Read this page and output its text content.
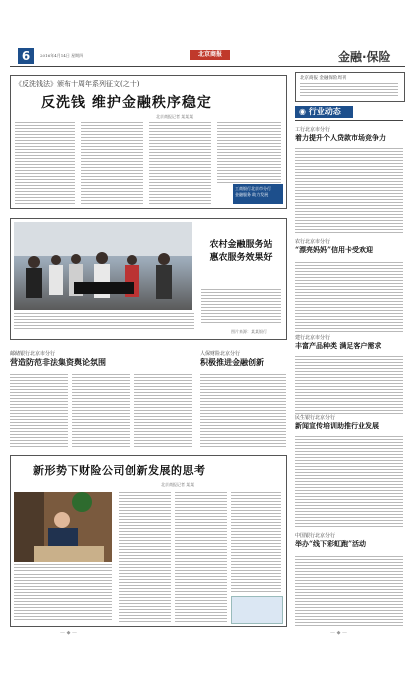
6	2016年4月14日 星期四	北京商报	金融·保险
《反洗钱法》颁布十周年系列征文(之十)
反洗钱 维护金融秩序稳定
北京商报记者 某某某
工商银行北京市分行
金融服务 助力发展
北京商报 金融保险周刊
◉ 行业动态
工行北京市分行
着力提升个人贷款市场竞争力
农行北京市分行
“漂亮妈妈”信用卡受欢迎
建行北京市分行
丰富产品种类 满足客户需求
民生银行北京分行
新闻宣传培训助推行业发展
中国银行北京分行
举办“线下彩虹跑”活动
农村金融服务站
惠农服务效果好
图片来源：某某银行
邮储银行北京市分行
营造防范非法集资舆论氛围
人保财险北京分行
积极推进金融创新
新形势下财险公司创新发展的思考
北京商报记者 某某
— ◆ —	— ◆ —
